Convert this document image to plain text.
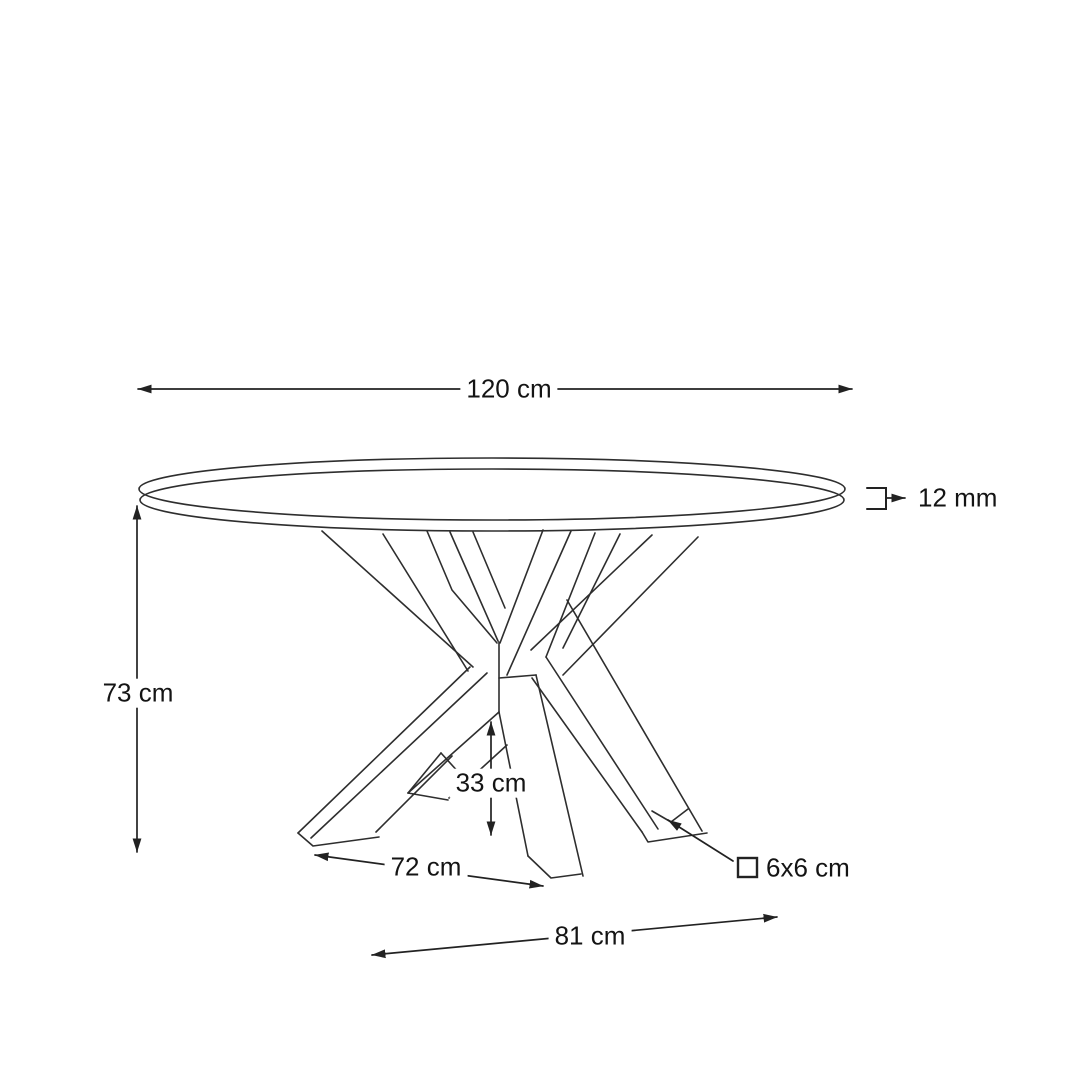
120 cm
12 mm
73 cm
33 cm
72 cm	6x6 cm
81 cm
